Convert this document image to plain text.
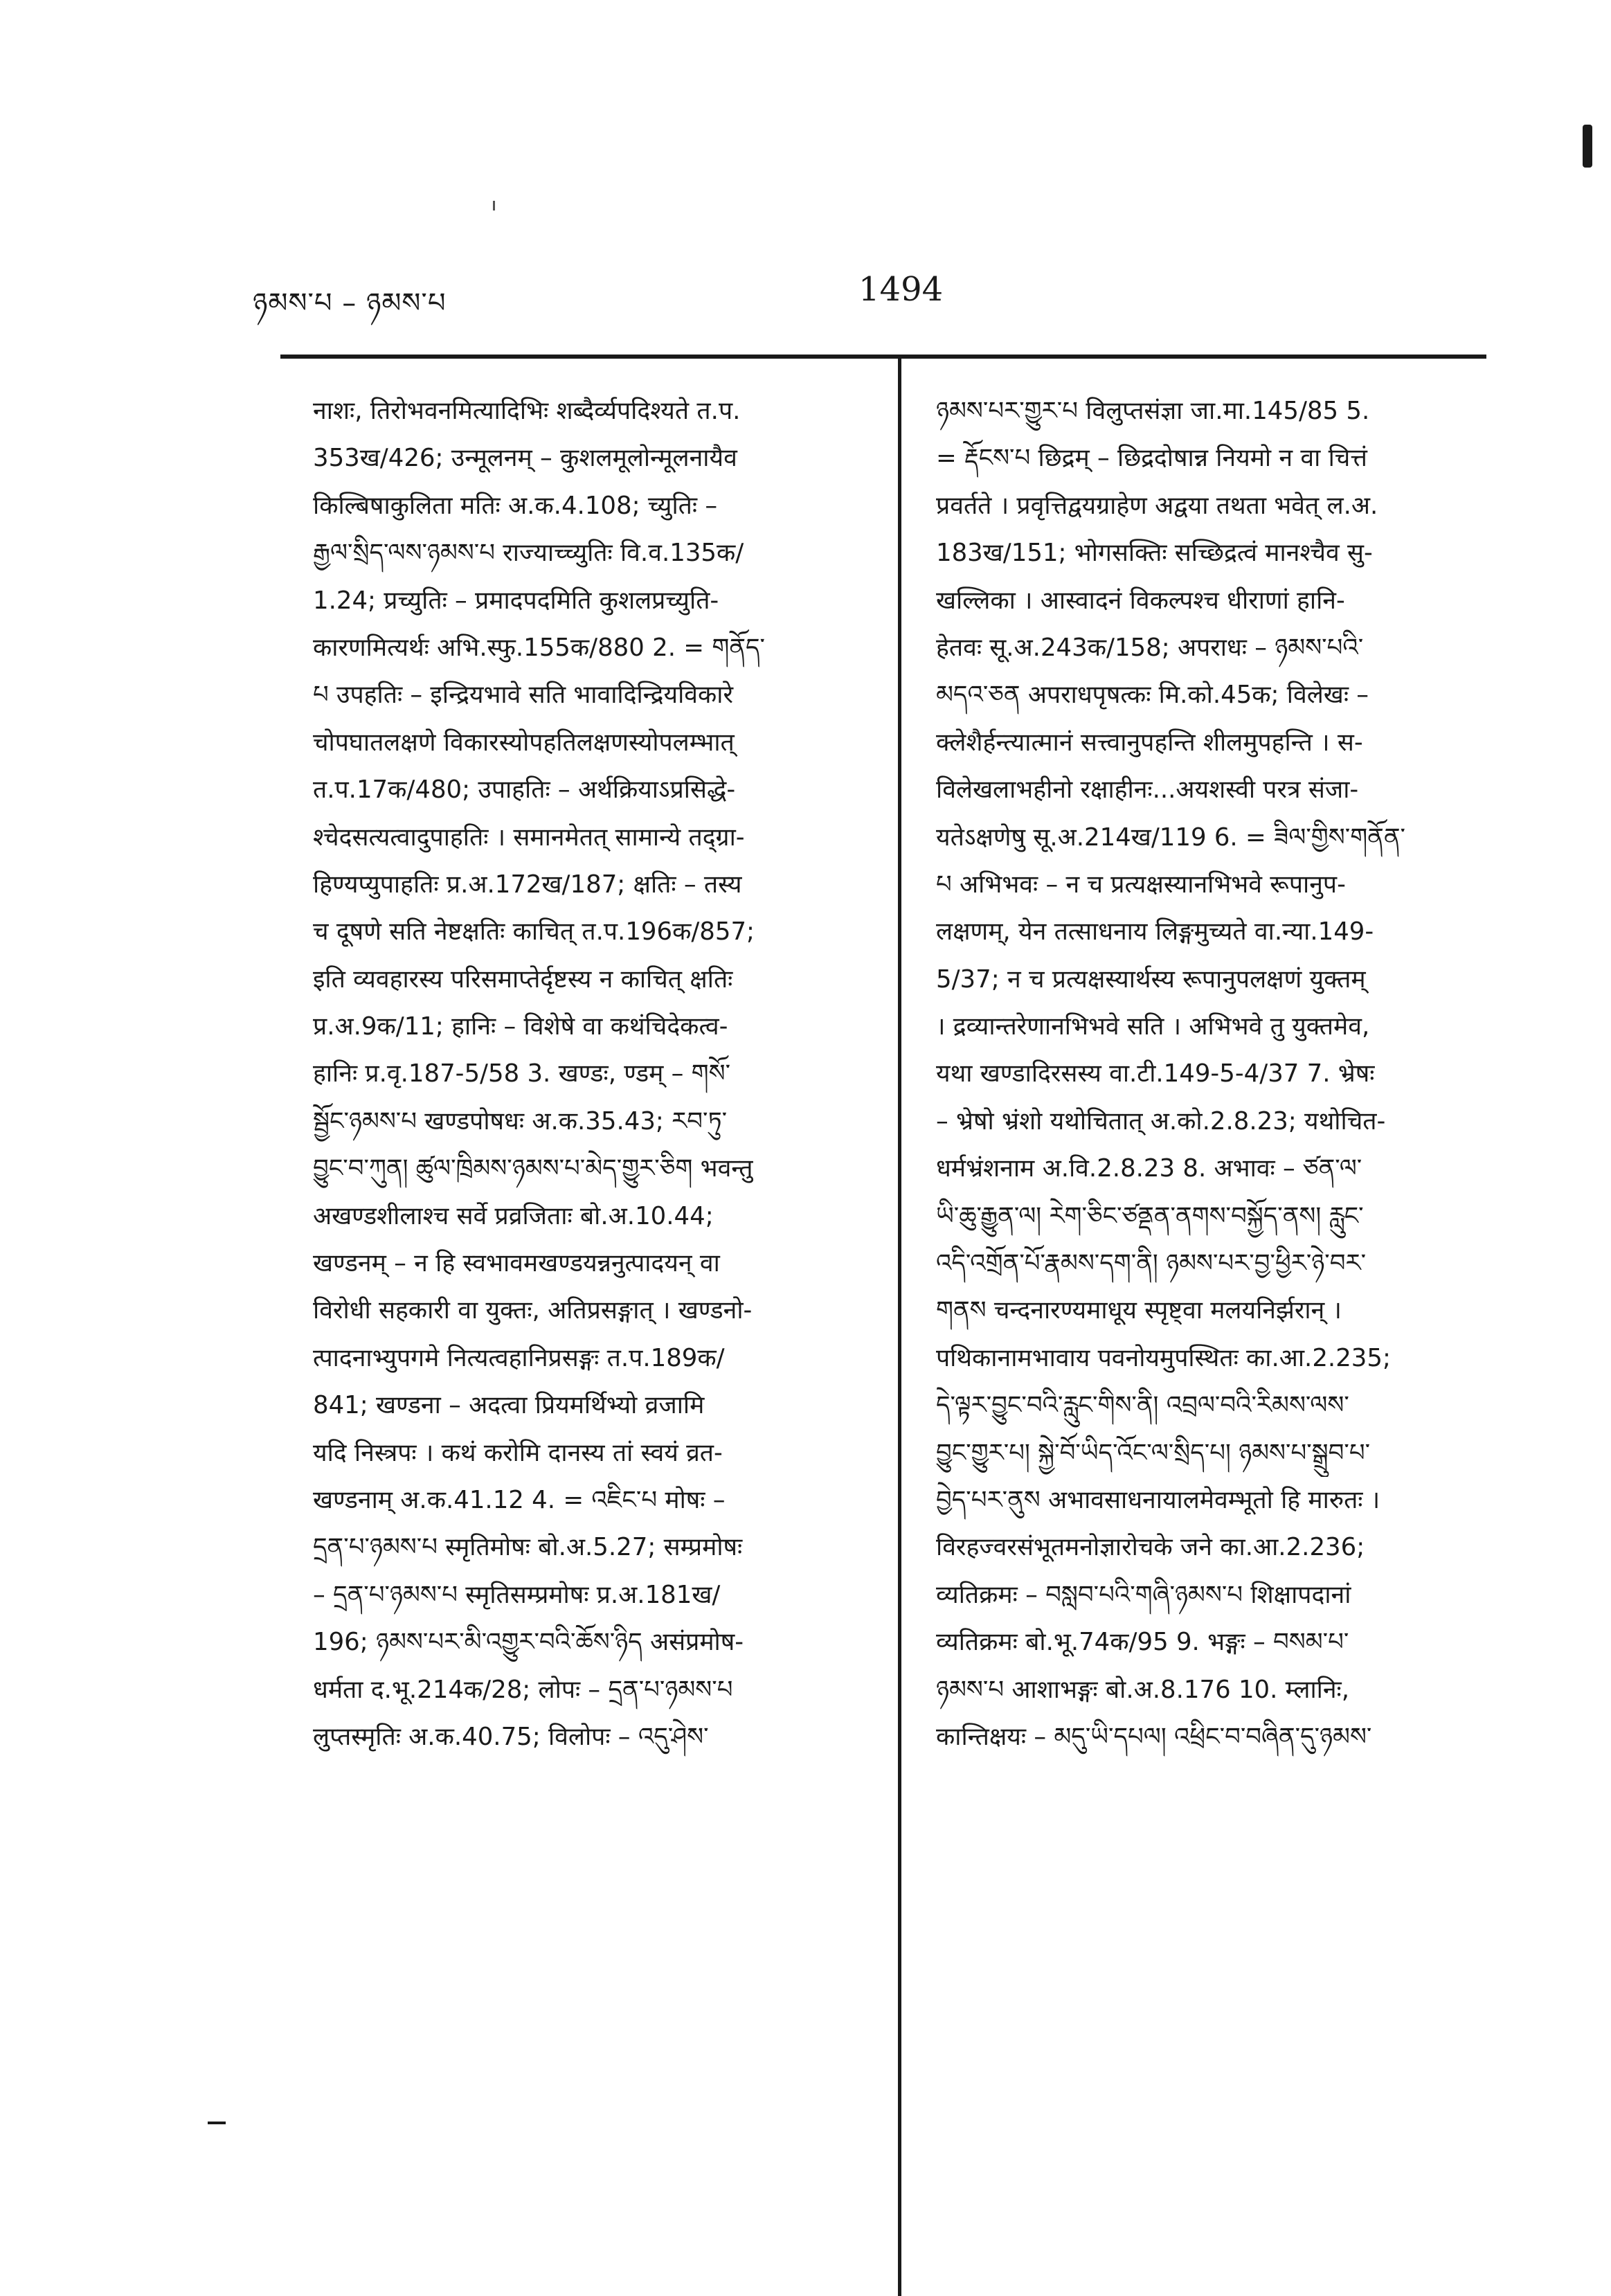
ཉམས་པ – ཉམས་པ	1494
नाशः, तिरोभवनमित्यादिभिः शब्दैर्व्यपदिश्यते त.प.
353ख/426; उन्मूलनम् – कुशलमूलोन्मूलनायैव
किल्बिषाकुलिता मतिः अ.क.4.108; च्युतिः –
རྒྱལ་སྲིད་ལས་ཉམས་པ राज्याच्च्युतिः वि.व.135क/
1.24; प्रच्युतिः – प्रमादपदमिति कुशलप्रच्युति-
कारणमित्यर्थः अभि.स्फु.155क/880 2. = གནོད་
པ उपहतिः – इन्द्रियभावे सति भावादिन्द्रियविकारे
चोपघातलक्षणे विकारस्योपहतिलक्षणस्योपलम्भात्
त.प.17क/480; उपाहतिः – अर्थक्रियाऽप्रसिद्धे-
श्चेदसत्यत्वादुपाहतिः । समानमेतत् सामान्ये तद्ग्रा-
हिण्यप्युपाहतिः प्र.अ.172ख/187; क्षतिः – तस्य
च दूषणे सति नेष्टक्षतिः काचित् त.प.196क/857;
इति व्यवहारस्य परिसमाप्तेर्दृष्टस्य न काचित् क्षतिः
प्र.अ.9क/11; हानिः – विशेषे वा कथंचिदेकत्व-
हानिः प्र.वृ.187-5/58 3. खण्डः, ण्डम् – གསོ་
སྦྱོང་ཉམས་པ खण्डपोषधः अ.क.35.43; རབ་ཏུ་
བྱུང་བ་ཀུན། ཚུལ་ཁྲིམས་ཉམས་པ་མེད་གྱུར་ཅིག भवन्तु
अखण्डशीलाश्च सर्वे प्रव्रजिताः बो.अ.10.44;
खण्डनम् – न हि स्वभावमखण्डयन्ननुत्पादयन् वा
विरोधी सहकारी वा युक्तः, अतिप्रसङ्गात् । खण्डनो-
त्पादनाभ्युपगमे नित्यत्वहानिप्रसङ्गः त.प.189क/
841; खण्डना – अदत्वा प्रियमर्थिभ्यो व्रजामि
यदि निस्त्रपः । कथं करोमि दानस्य तां स्वयं व्रत-
खण्डनाम् अ.क.41.12 4. = འཇིང་པ मोषः –
དྲན་པ་ཉམས་པ स्मृतिमोषः बो.अ.5.27; सम्प्रमोषः
– དྲན་པ་ཉམས་པ स्मृतिसम्प्रमोषः प्र.अ.181ख/
196; ཉམས་པར་མི་འགྱུར་བའི་ཆོས་ཉིད असंप्रमोष-
धर्मता द.भू.214क/28; लोपः – དྲན་པ་ཉམས་པ
लुप्तस्मृतिः अ.क.40.75; विलोपः – འདུ་ཤེས་
ཉམས་པར་གྱུར་པ विलुप्तसंज्ञा जा.मा.145/85 5.
= རྡོངས་པ छिद्रम् – छिद्रदोषान्न नियमो न वा चित्तं
प्रवर्तते । प्रवृत्तिद्वयग्राहेण अद्वया तथता भवेत् ल.अ.
183ख/151; भोगसक्तिः सच्छिद्रत्वं मानश्चैव सु-
खल्लिका । आस्वादनं विकल्पश्च धीराणां हानि-
हेतवः सू.अ.243क/158; अपराधः – ཉམས་པའི་
མདའ་ཅན अपराधपृषत्कः मि.को.45क; विलेखः –
क्लेशैर्हन्त्यात्मानं सत्त्वानुपहन्ति शीलमुपहन्ति । स-
विलेखलाभहीनो रक्षाहीनः...अयशस्वी परत्र संजा-
यतेऽक्षणेषु सू.अ.214ख/119 6. = ཟིལ་གྱིས་གནོན་
པ अभिभवः – न च प्रत्यक्षस्यानभिभवे रूपानुप-
लक्षणम्, येन तत्साधनाय लिङ्गमुच्यते वा.न्या.149-
5/37; न च प्रत्यक्षस्यार्थस्य रूपानुपलक्षणं युक्तम्
। द्रव्यान्तरेणानभिभवे सति । अभिभवे तु युक्तमेव,
यथा खण्डादिरसस्य वा.टी.149-5-4/37 7. भ्रेषः
– भ्रेषो भ्रंशो यथोचितात् अ.को.2.8.23; यथोचित-
धर्मभ्रंशनाम अ.वि.2.8.23 8. अभावः – ཙན་ལ་
ཡི་ཆུ་རྒྱུན་ལ། རེག་ཅིང་ཙནྡན་ནགས་བསྐྱོད་ནས། རླུང་
འདི་འགྲོན་པོ་རྣམས་དག་ནི། ཉམས་པར་བྱ་ཕྱིར་ཉེ་བར་
གནས चन्दनारण्यमाधूय स्पृष्ट्वा मलयनिर्झरान् ।
पथिकानामभावाय पवनोयमुपस्थितः का.आ.2.235;
དེ་ལྟར་བྱུང་བའི་རླུང་གིས་ནི། འབྲལ་བའི་རིམས་ལས་
བྱུང་གྱུར་པ། སྐྱེ་བོ་ཡིད་འོང་ལ་སྲིད་པ། ཉམས་པ་སྒྲུབ་པ་
བྱེད་པར་ནུས अभावसाधनायालमेवम्भूतो हि मारुतः ।
विरहज्वरसंभूतमनोज्ञारोचके जने का.आ.2.236;
व्यतिक्रमः – བསླབ་པའི་གཞི་ཉམས་པ शिक्षापदानां
व्यतिक्रमः बो.भू.74क/95 9. भङ्गः – བསམ་པ་
ཉམས་པ आशाभङ्गः बो.अ.8.176 10. म्लानिः,
कान्तिक्षयः – མདུ་ཡི་དཔལ། འཕྲིང་བ་བཞིན་དུ་ཉམས་
